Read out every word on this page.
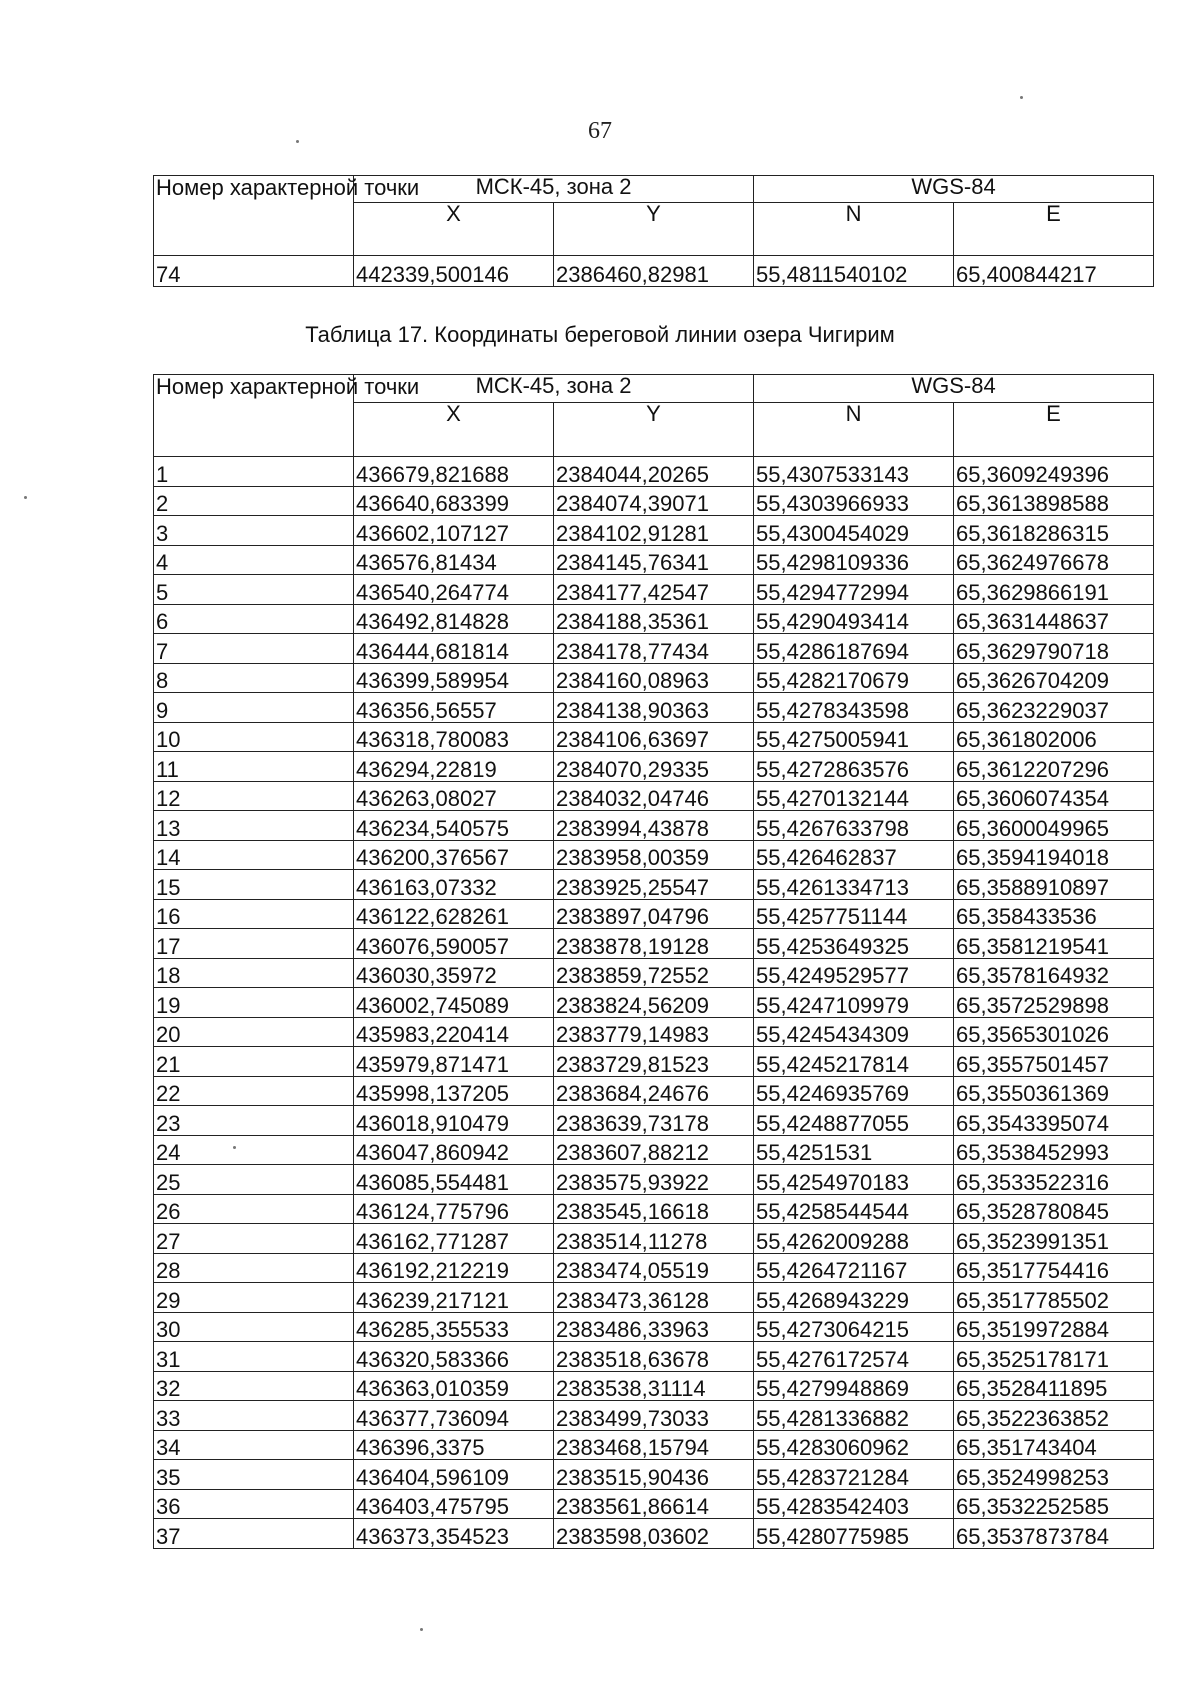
67
Номер характерной точки	МСК-45, зона 2		WGS-84	
	X	Y	N	E
74	442339,500146	2386460,82981	55,4811540102	65,400844217
Таблица 17. Координаты береговой линии озера Чигирим
Номер характерной точки	МСК-45, зона 2		WGS-84	
	X	Y	N	E
1	436679,821688	2384044,20265	55,4307533143	65,3609249396
2	436640,683399	2384074,39071	55,4303966933	65,3613898588
3	436602,107127	2384102,91281	55,4300454029	65,3618286315
4	436576,81434	2384145,76341	55,4298109336	65,3624976678
5	436540,264774	2384177,42547	55,4294772994	65,3629866191
6	436492,814828	2384188,35361	55,4290493414	65,3631448637
7	436444,681814	2384178,77434	55,4286187694	65,3629790718
8	436399,589954	2384160,08963	55,4282170679	65,3626704209
9	436356,56557	2384138,90363	55,4278343598	65,3623229037
10	436318,780083	2384106,63697	55,4275005941	65,361802006
11	436294,22819	2384070,29335	55,4272863576	65,3612207296
12	436263,08027	2384032,04746	55,4270132144	65,3606074354
13	436234,540575	2383994,43878	55,4267633798	65,3600049965
14	436200,376567	2383958,00359	55,426462837	65,3594194018
15	436163,07332	2383925,25547	55,4261334713	65,3588910897
16	436122,628261	2383897,04796	55,4257751144	65,358433536
17	436076,590057	2383878,19128	55,4253649325	65,3581219541
18	436030,35972	2383859,72552	55,4249529577	65,3578164932
19	436002,745089	2383824,56209	55,4247109979	65,3572529898
20	435983,220414	2383779,14983	55,4245434309	65,3565301026
21	435979,871471	2383729,81523	55,4245217814	65,3557501457
22	435998,137205	2383684,24676	55,4246935769	65,3550361369
23	436018,910479	2383639,73178	55,4248877055	65,3543395074
24	436047,860942	2383607,88212	55,4251531	65,3538452993
25	436085,554481	2383575,93922	55,4254970183	65,3533522316
26	436124,775796	2383545,16618	55,4258544544	65,3528780845
27	436162,771287	2383514,11278	55,4262009288	65,3523991351
28	436192,212219	2383474,05519	55,4264721167	65,3517754416
29	436239,217121	2383473,36128	55,4268943229	65,3517785502
30	436285,355533	2383486,33963	55,4273064215	65,3519972884
31	436320,583366	2383518,63678	55,4276172574	65,3525178171
32	436363,010359	2383538,31114	55,4279948869	65,3528411895
33	436377,736094	2383499,73033	55,4281336882	65,3522363852
34	436396,3375	2383468,15794	55,4283060962	65,351743404
35	436404,596109	2383515,90436	55,4283721284	65,3524998253
36	436403,475795	2383561,86614	55,4283542403	65,3532252585
37	436373,354523	2383598,03602	55,4280775985	65,3537873784
